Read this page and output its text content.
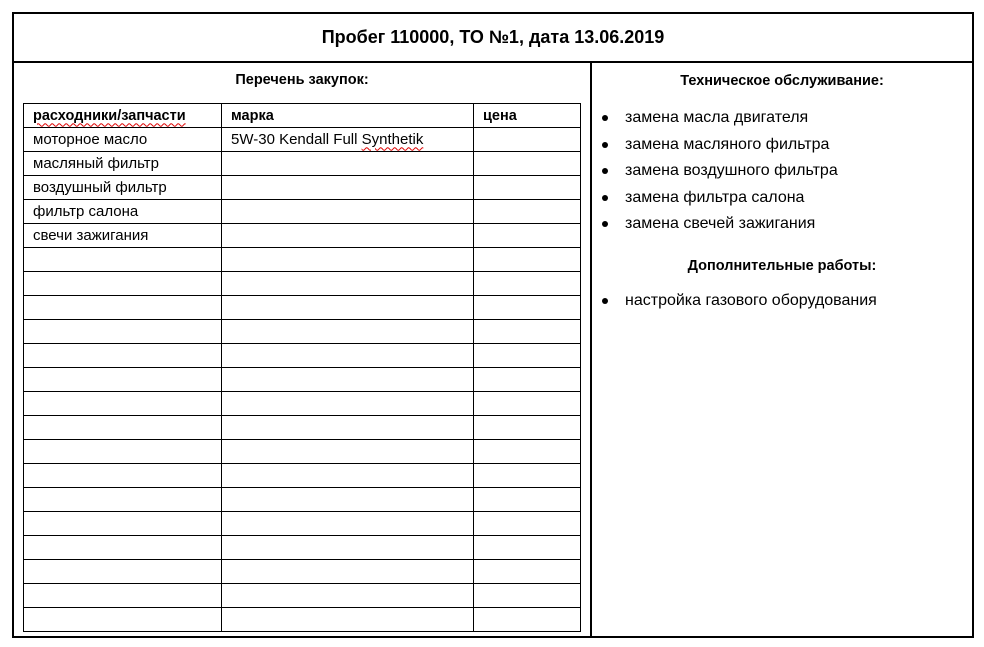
Пробег 110000, ТО №1, дата 13.06.2019
Перечень закупок:
расходники/запчасти	марка	цена
моторное масло	5W-30 Kendall Full Synthetik	
масляный фильтр		
воздушный фильтр		
фильтр салона		
свечи зажигания		

Техническое обслуживание:
замена масла двигателя
замена масляного фильтра
замена воздушного фильтра
замена фильтра салона
замена свечей зажигания
Дополнительные работы:
настройка газового оборудования
